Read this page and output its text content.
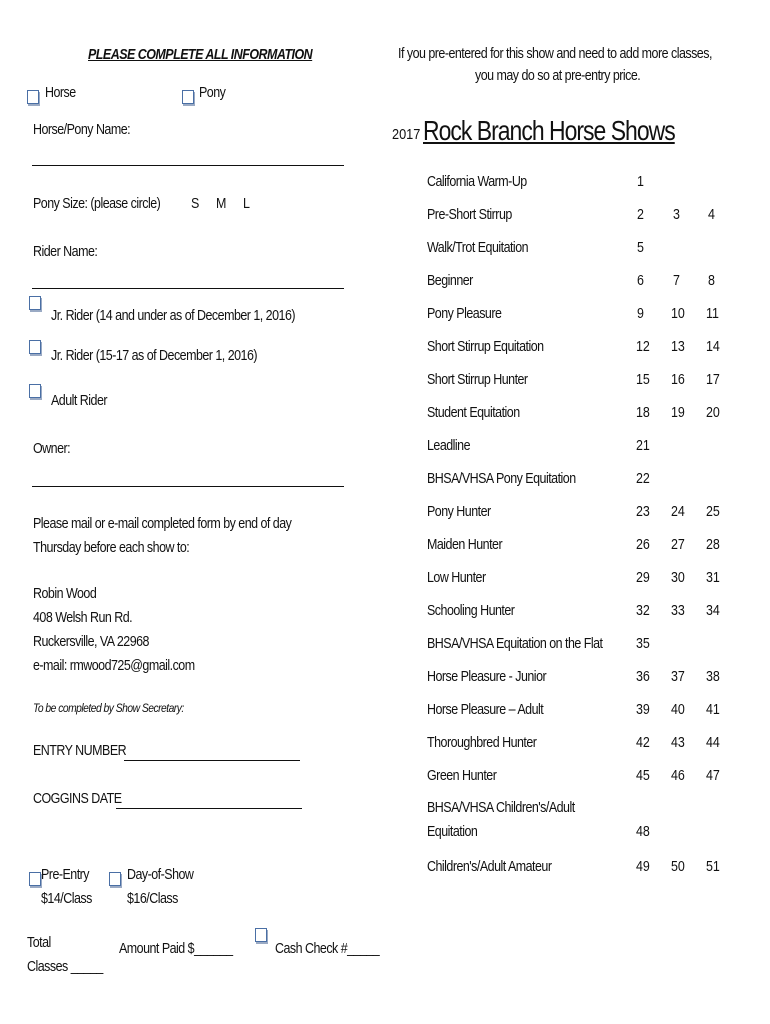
PLEASE COMPLETE ALL INFORMATION
Horse	Pony
Horse/Pony Name:
Pony Size: (please circle)	S M L
Rider Name:
Jr. Rider (14 and under as of December 1, 2016)
Jr. Rider (15-17 as of December 1, 2016)
Adult Rider
Owner:
Please mail or e-mail completed form by end of day
Thursday before each show to:
Robin Wood
408 Welsh Run Rd.
Ruckersville, VA 22968
e-mail: rmwood725@gmail.com
To be completed by Show Secretary:
ENTRY NUMBER
COGGINS DATE
Pre-Entry
$14/Class
Day-of-Show
$16/Class
Total
Classes _____
Amount Paid $______	Cash Check #_____
If you pre-entered for this show and need to add more classes,
you may do so at pre-entry price.
2017 Rock Branch Horse Shows
California Warm-Up	1
Pre-Short Stirrup	2 3 4
Walk/Trot Equitation	5
Beginner	6 7 8
Pony Pleasure	9 10 11
Short Stirrup Equitation	12 13 14
Short Stirrup Hunter	15 16 17
Student Equitation	18 19 20
Leadline	21
BHSA/VHSA Pony Equitation	22
Pony Hunter	23 24 25
Maiden Hunter	26 27 28
Low Hunter	29 30 31
Schooling Hunter	32 33 34
BHSA/VHSA Equitation on the Flat 35
Horse Pleasure - Junior	36 37 38
Horse Pleasure – Adult	39 40 41
Thoroughbred Hunter	42 43 44
Green Hunter	45 46 47
BHSA/VHSA Children's/Adult
Equitation	48
Children's/Adult Amateur	49 50 51
